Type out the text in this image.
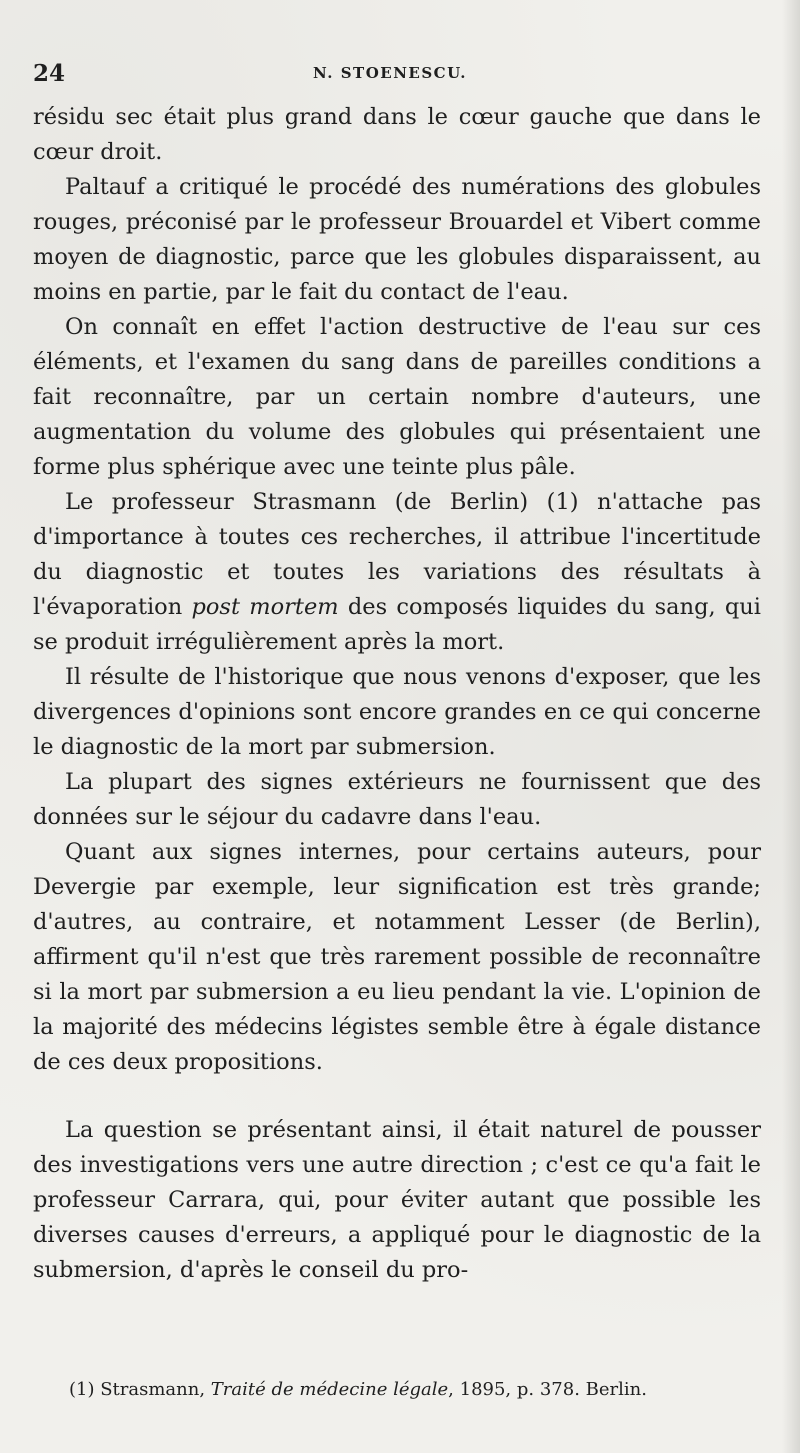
24	N. STOENESCU.

résidu sec était plus grand dans le cœur gauche que dans le cœur droit.

Paltauf a critiqué le procédé des numérations des globules rouges, préconisé par le professeur Brouardel et Vibert comme moyen de diagnostic, parce que les globules disparaissent, au moins en partie, par le fait du contact de l'eau.

On connaît en effet l'action destructive de l'eau sur ces éléments, et l'examen du sang dans de pareilles conditions a fait reconnaître, par un certain nombre d'auteurs, une augmentation du volume des globules qui présentaient une forme plus sphérique avec une teinte plus pâle.

Le professeur Strasmann (de Berlin) (1) n'attache pas d'importance à toutes ces recherches, il attribue l'incertitude du diagnostic et toutes les variations des résultats à l'évaporation post mortem des composés liquides du sang, qui se produit irrégulièrement après la mort.

Il résulte de l'historique que nous venons d'exposer, que les divergences d'opinions sont encore grandes en ce qui concerne le diagnostic de la mort par submersion.

La plupart des signes extérieurs ne fournissent que des données sur le séjour du cadavre dans l'eau.

Quant aux signes internes, pour certains auteurs, pour Devergie par exemple, leur signification est très grande; d'autres, au contraire, et notamment Lesser (de Berlin), affirment qu'il n'est que très rarement possible de reconnaître si la mort par submersion a eu lieu pendant la vie. L'opinion de la majorité des médecins légistes semble être à égale distance de ces deux propositions.

La question se présentant ainsi, il était naturel de pousser des investigations vers une autre direction ; c'est ce qu'a fait le professeur Carrara, qui, pour éviter autant que possible les diverses causes d'erreurs, a appliqué pour le diagnostic de la submersion, d'après le conseil du pro-

(1) Strasmann, Traité de médecine légale, 1895, p. 378. Berlin.
